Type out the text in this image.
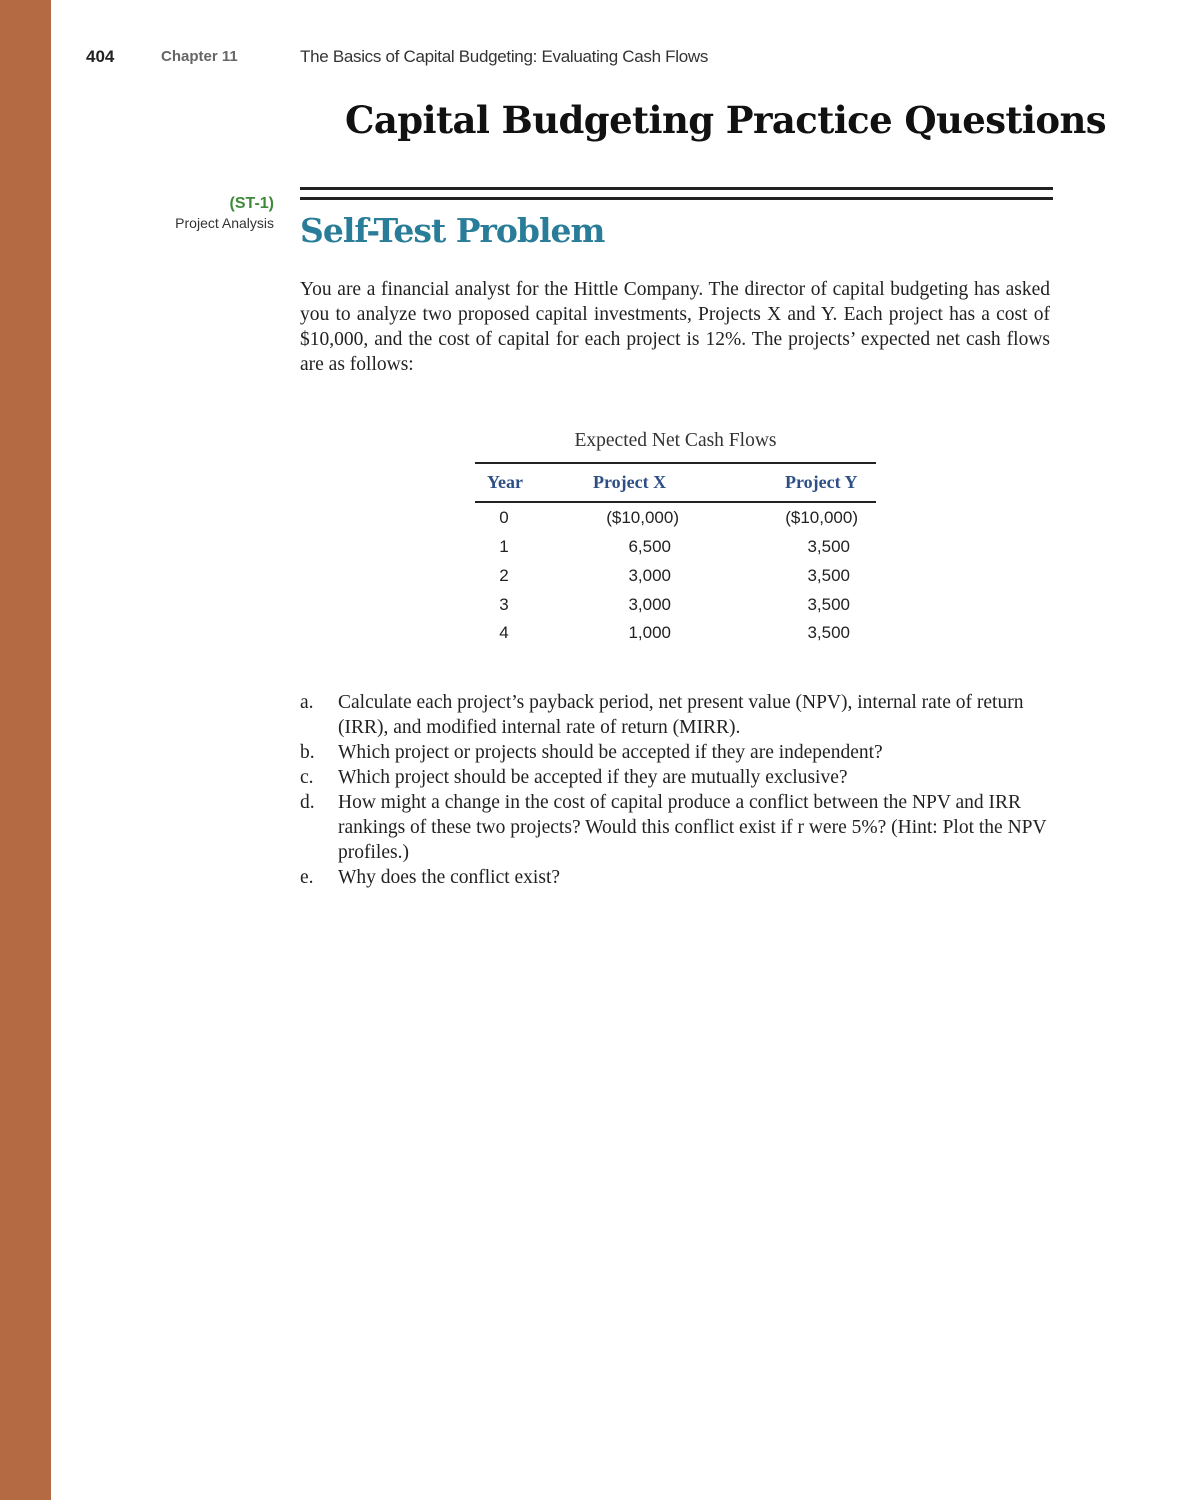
404	Chapter 11	The Basics of Capital Budgeting: Evaluating Cash Flows
Capital Budgeting Practice Questions
(ST-1)
Project Analysis Self-Test Problem
You are a financial analyst for the Hittle Company. The director of capital budgeting has asked you to analyze two proposed capital investments, Projects X and Y. Each project has a cost of $10,000, and the cost of capital for each project is 12%. The projects’ expected net cash flows are as follows:
Expected Net Cash Flows
Year	Project X	Project Y
0	($10,000)	($10,000)
1	6,500	3,500
2	3,000	3,500
3	3,000	3,500
4	1,000	3,500
a. Calculate each project’s payback period, net present value (NPV), internal rate of return (IRR), and modified internal rate of return (MIRR).
b. Which project or projects should be accepted if they are independent?
c. Which project should be accepted if they are mutually exclusive?
d. How might a change in the cost of capital produce a conflict between the NPV and IRR rankings of these two projects? Would this conflict exist if r were 5%? (Hint: Plot the NPV profiles.)
e. Why does the conflict exist?
